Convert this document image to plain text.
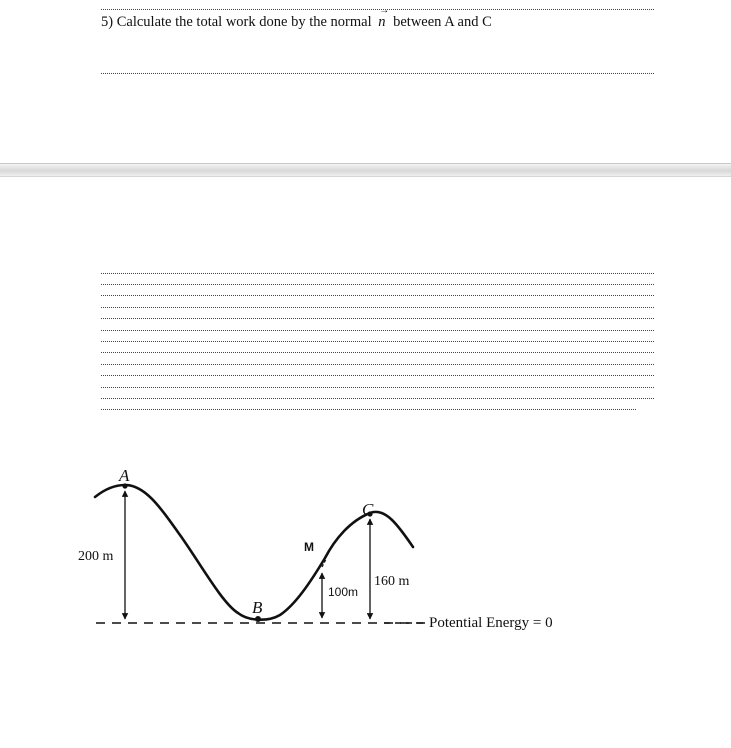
5) Calculate the total work done by the normal
→
n between A and C
A
B
C
M
200 m
100m
160 m
Potential Energy = 0
